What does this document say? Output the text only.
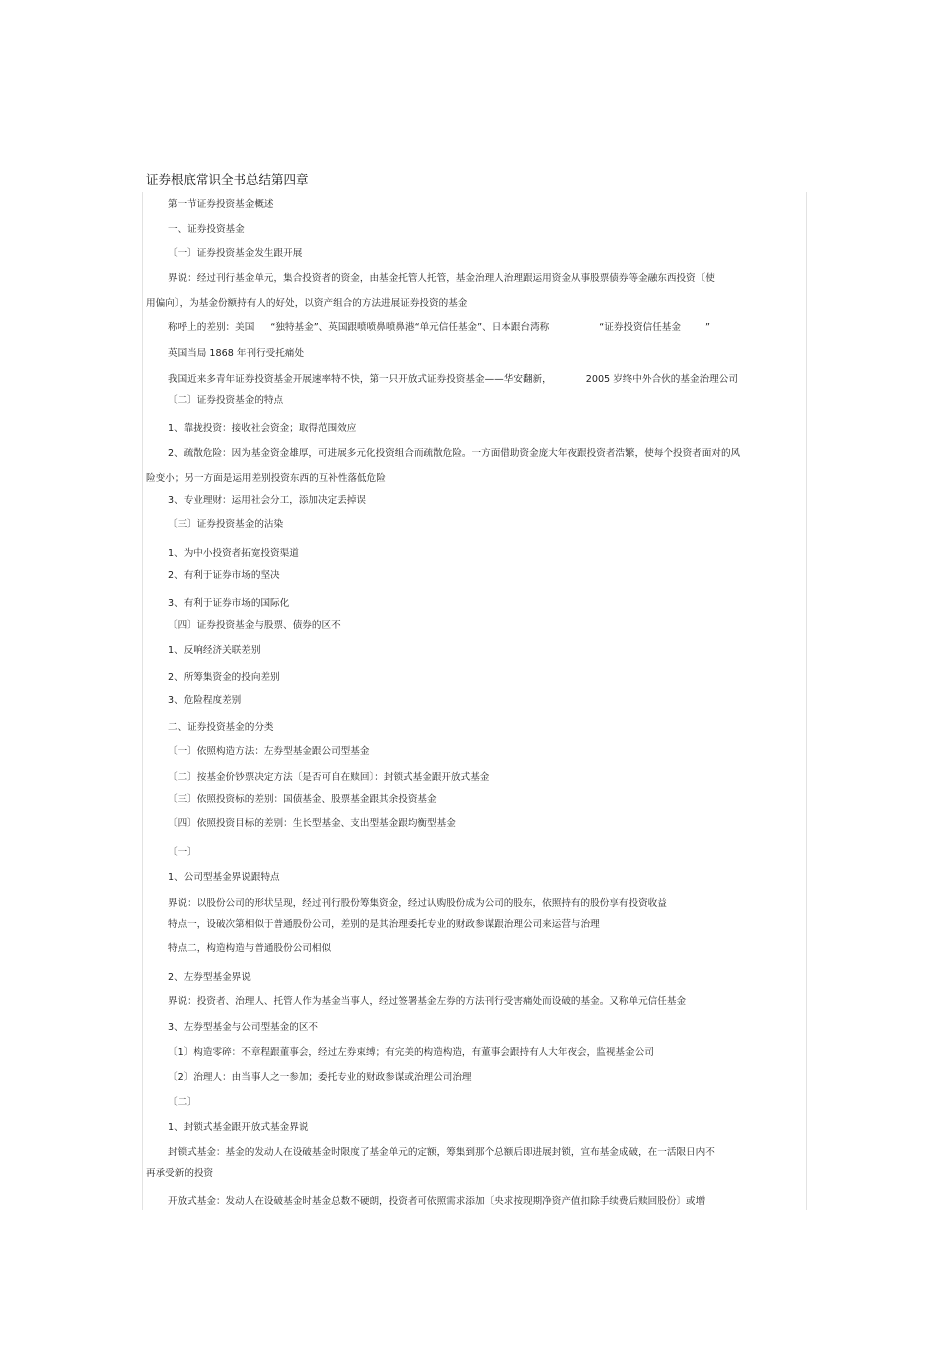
证券根底常识全书总结第四章
第一节证券投资基金概述
一、证券投资基金
〔一〕证券投资基金发生跟开展
界说：经过刊行基金单元，集合投资者的资金，由基金托管人托管，基金治理人治理跟运用资金从事股票债券等金融东西投资〔使
用偏向〕，为基金份额持有人的好处，以资产组合的方法进展证券投资的基金
称呼上的差别：美国 “独特基金”、英国跟喷喷鼻喷鼻港“单元信任基金”、日本跟台湾称	“证券投资信任基金	”
英国当局 1868 年刊行受托痛处
我国近来多青年证券投资基金开展速率特不快，第一只开放式证券投资基金——华安翻新，	2005 岁终中外合伙的基金治理公司
〔二〕证券投资基金的特点
1、靠拢投资：接收社会资金；取得范围效应
2、疏散危险：因为基金资金雄厚，可进展多元化投资组合而疏散危险。一方面借助资金庞大年夜跟投资者浩繁，使每个投资者面对的风
险变小；另一方面是运用差别投资东西的互补性落低危险
3、专业理财：运用社会分工，添加决定丢掉误
〔三〕证券投资基金的沾染
1、为中小投资者拓宽投资渠道
2、有利于证券市场的坚决
3、有利于证券市场的国际化
〔四〕证券投资基金与股票、债券的区不
1、反响经济关联差别
2、所筹集资金的投向差别
3、危险程度差别
二、证券投资基金的分类
〔一〕依照构造方法：左券型基金跟公司型基金
〔二〕按基金价钞票决定方法〔是否可自在赎回〕：封锁式基金跟开放式基金
〔三〕依照投资标的差别：国债基金、股票基金跟其余投资基金
〔四〕依照投资目标的差别：生长型基金、支出型基金跟均衡型基金
〔一〕
1、公司型基金界说跟特点
界说：以股份公司的形状呈现，经过刊行股份筹集资金，经过认购股份成为公司的股东，依照持有的股份享有投资收益
特点一，设破次第相似于普通股份公司，差别的是其治理委托专业的财政参谋跟治理公司来运营与治理
特点二，构造构造与普通股份公司相似
2、左券型基金界说
界说：投资者、治理人、托管人作为基金当事人，经过签署基金左券的方法刊行受害痛处而设破的基金。又称单元信任基金
3、左券型基金与公司型基金的区不
〔1〕构造零碎：不章程跟董事会，经过左券束缚；有完美的构造构造，有董事会跟持有人大年夜会，监视基金公司
〔2〕治理人：由当事人之一参加；委托专业的财政参谋或治理公司治理
〔二〕
1、封锁式基金跟开放式基金界说
封锁式基金：基金的发动人在设破基金时限度了基金单元的定额，筹集到那个总额后即进展封锁，宣布基金成破，在一活限日内不
再承受新的投资
开放式基金：发动人在设破基金时基金总数不硬朗，投资者可依照需求添加〔央求按现期净资产值扣除手续费后赎回股份〕或增
